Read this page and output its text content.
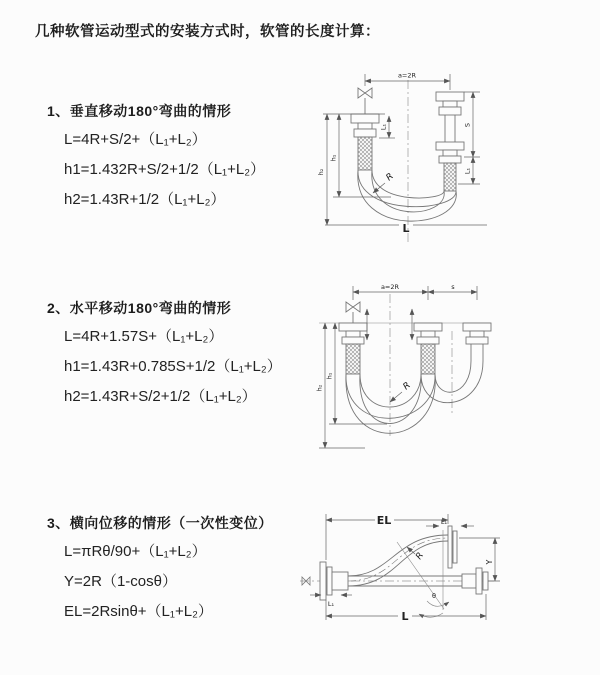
几种软管运动型式的安装方式时，软管的长度计算：

1、垂直移动180°弯曲的情形

L=4R+S/2+（L₁+L₂）

h1=1.432R+S/2+1/2（L₁+L₂）

h2=1.43R+1/2（L₁+L₂）

2、水平移动180°弯曲的情形

L=4R+1.57S+（L₁+L₂）

h1=1.43R+0.785S+1/2（L₁+L₂）

h2=1.43R+S/2+1/2（L₁+L₂）

3、横向位移的情形（一次性变位）

L=πRθ/90+（L₁+L₂）

Y=2R（1-cosθ）

EL=2Rsinθ+（L₁+L₂）

a=2R
h₂
h₁
S
L₁
L₁
R
L
a=2R	s
h₂
h₁
R
EL	L₁
Y
θ
R
L
L₁
